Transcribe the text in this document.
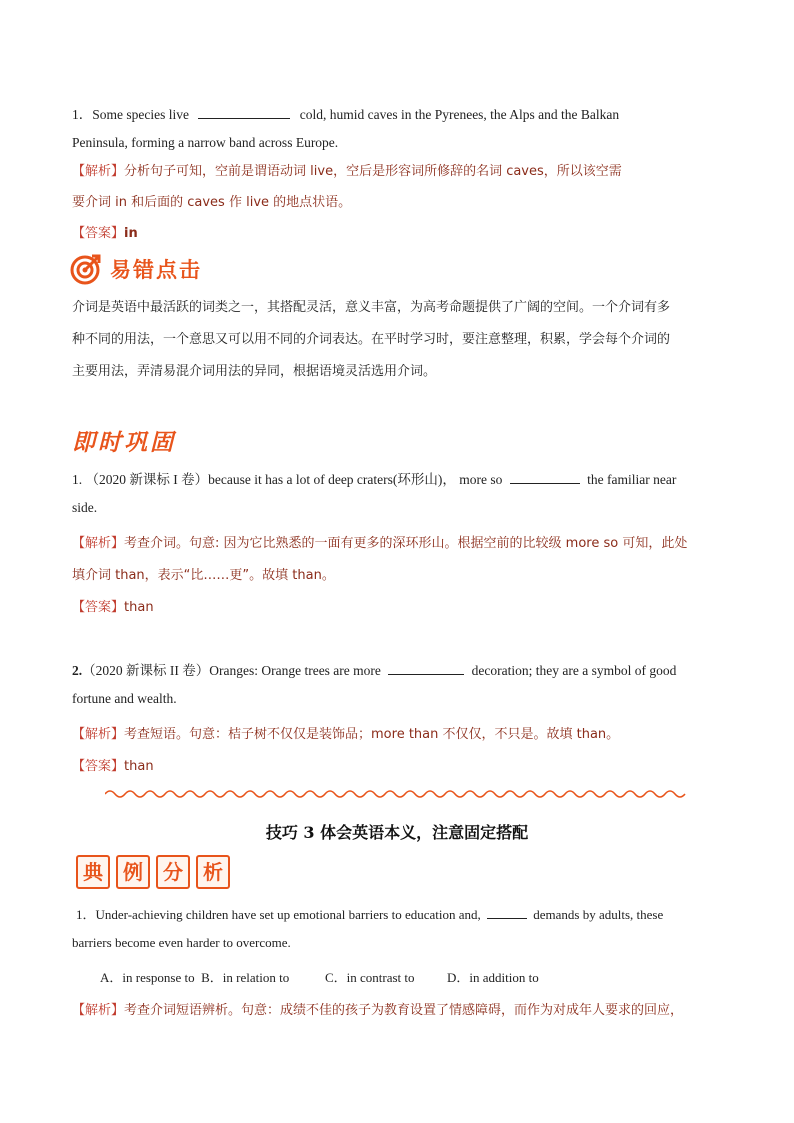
1．Some species live	cold, humid caves in the Pyrenees, the Alps and the Balkan
Peninsula, forming a narrow band across Europe.
【解析】分析句子可知，空前是谓语动词 live，空后是形容词所修辞的名词 caves，所以该空需
要介词 in 和后面的 caves 作 live 的地点状语。
【答案】in
易错点击
介词是英语中最活跃的词类之一，其搭配灵活，意义丰富，为高考命题提供了广阔的空间。一个介词有多
种不同的用法，一个意思又可以用不同的介词表达。在平时学习时，要注意整理，积累，学会每个介词的
主要用法，弄清易混介词用法的异同，根据语境灵活选用介词。
即时巩固
1. （2020 新课标 I 卷）because it has a lot of deep craters(环形山)， more so	the familiar near
side.
【解析】考查介词。句意: 因为它比熟悉的一面有更多的深环形山。根据空前的比较级 more so 可知，此处
填介词 than，表示“比……更”。故填 than。
【答案】than
2.（2020 新课标 II 卷）Oranges: Orange trees are more	decoration; they are a symbol of good
fortune and wealth.
【解析】考查短语。句意：桔子树不仅仅是装饰品；more than 不仅仅，不只是。故填 than。
【答案】than
技巧 3 体会英语本义，注意固定搭配
典 例 分 析
1．Under-achieving children have set up emotional barriers to education and,	demands by adults, these
barriers become even harder to overcome.
A．in response to  B．in relation to           C．in contrast to          D．in addition to
【解析】考查介词短语辨析。句意：成绩不佳的孩子为教育设置了情感障碍，而作为对成年人要求的回应，
